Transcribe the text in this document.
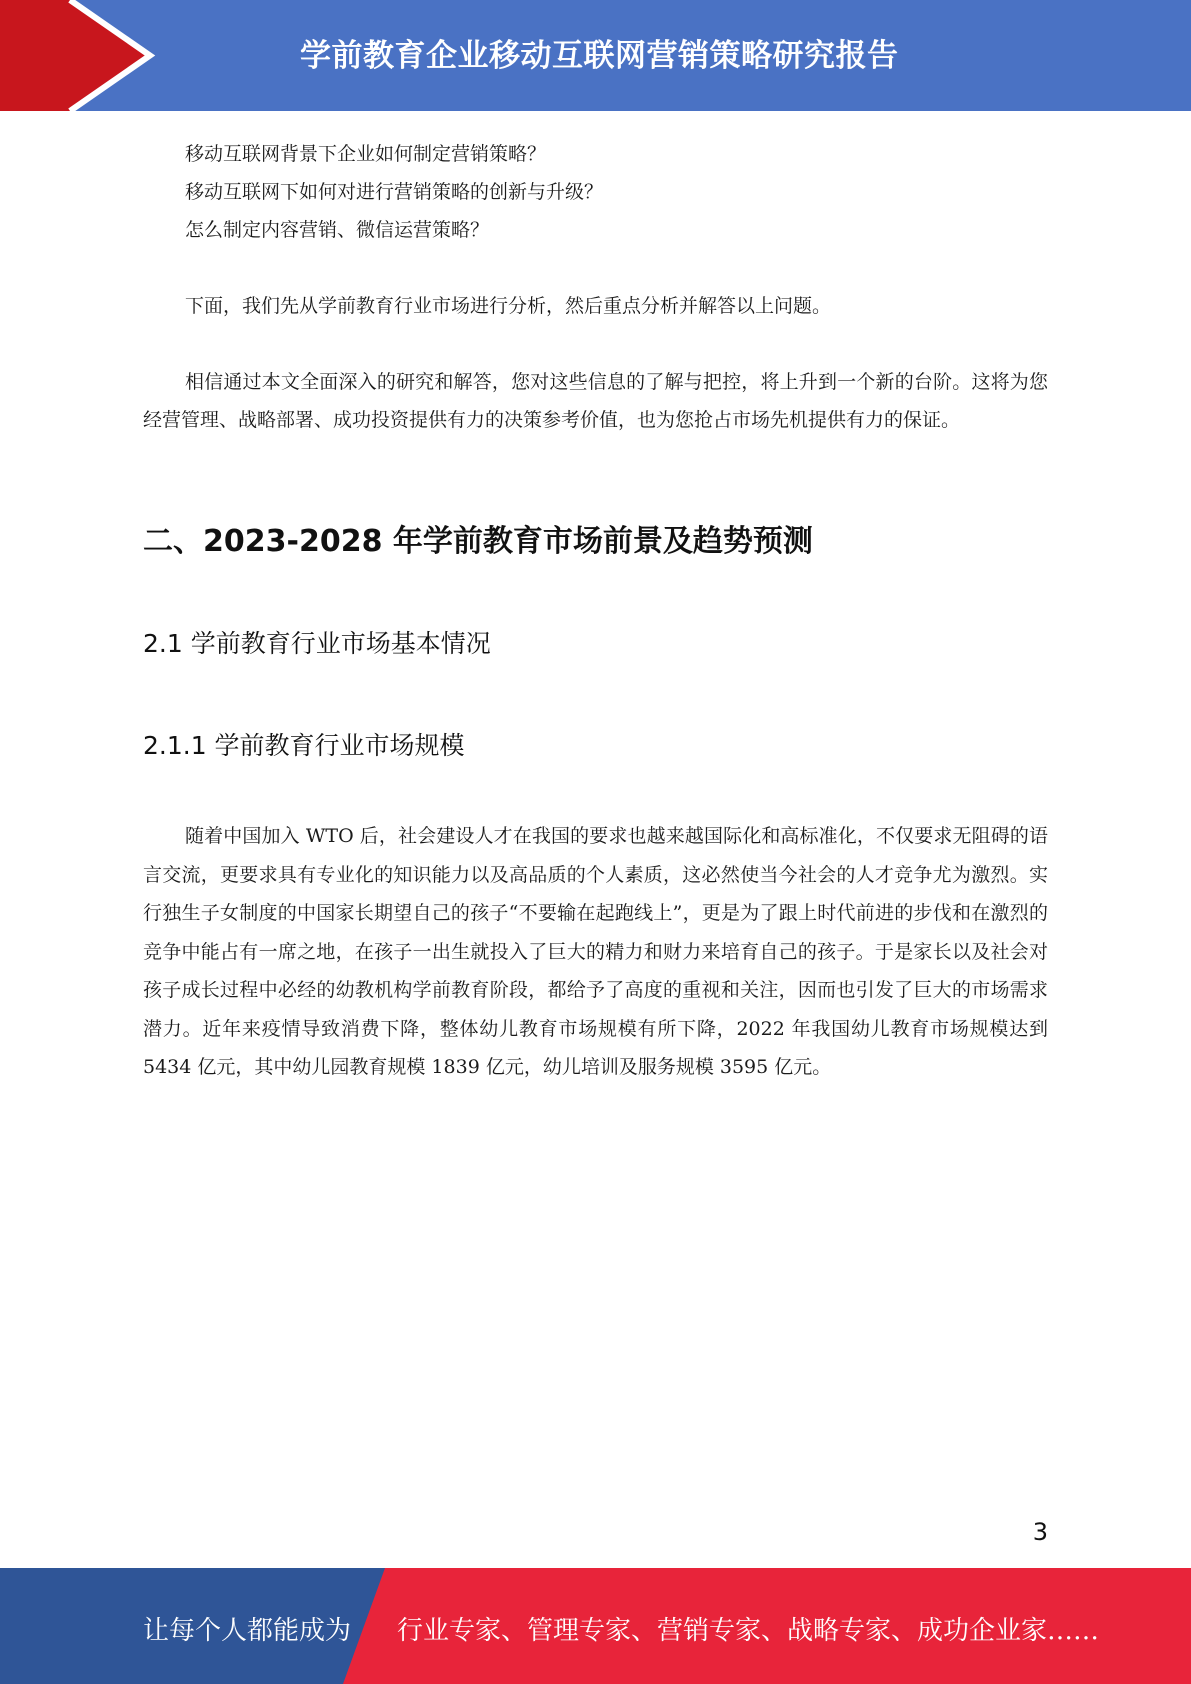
学前教育企业移动互联网营销策略研究报告

移动互联网背景下企业如何制定营销策略？

移动互联网下如何对进行营销策略的创新与升级？

怎么制定内容营销、微信运营策略？

下面，我们先从学前教育行业市场进行分析，然后重点分析并解答以上问题。

相信通过本文全面深入的研究和解答，您对这些信息的了解与把控，将上升到一个新的台阶。这将为您经营管理、战略部署、成功投资提供有力的决策参考价值，也为您抢占市场先机提供有力的保证。

二、2023-2028 年学前教育市场前景及趋势预测
2.1 学前教育行业市场基本情况
2.1.1 学前教育行业市场规模

随着中国加入 WTO 后，社会建设人才在我国的要求也越来越国际化和高标准化，不仅要求无阻碍的语言交流，更要求具有专业化的知识能力以及高品质的个人素质，这必然使当今社会的人才竞争尤为激烈。实行独生子女制度的中国家长期望自己的孩子“不要输在起跑线上”，更是为了跟上时代前进的步伐和在激烈的竞争中能占有一席之地，在孩子一出生就投入了巨大的精力和财力来培育自己的孩子。于是家长以及社会对孩子成长过程中必经的幼教机构学前教育阶段，都给予了高度的重视和关注，因而也引发了巨大的市场需求潜力。近年来疫情导致消费下降，整体幼儿教育市场规模有所下降，2022 年我国幼儿教育市场规模达到 5434 亿元，其中幼儿园教育规模 1839 亿元，幼儿培训及服务规模 3595 亿元。

3
让每个人都能成为 行业专家、管理专家、营销专家、战略专家、成功企业家……
